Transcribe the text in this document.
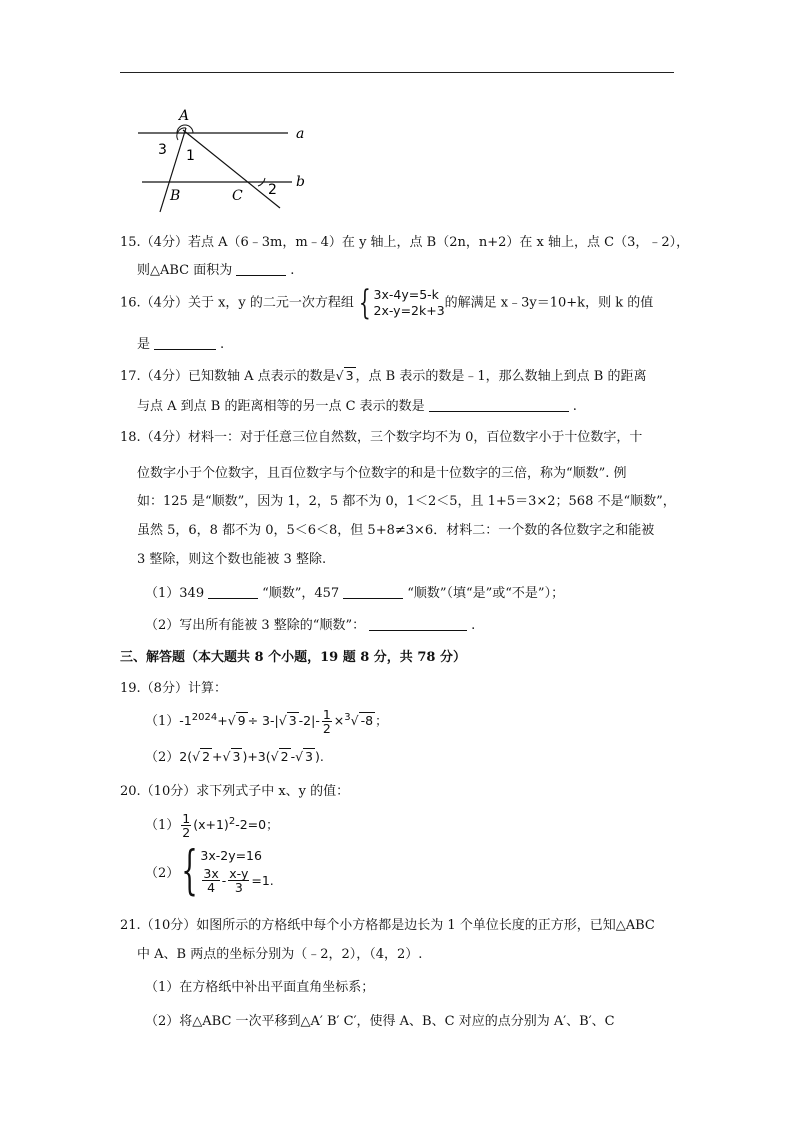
A
a
b
B	C
1
2
3
15.（4分）若点 A（6﹣3m，m﹣4）在 y 轴上，点 B（2n，n+2）在 x 轴上，点 C（3，﹣2），
则△ABC 面积为	.
16.（4分）关于 x，y 的二元一次方程组 { 3x-4y=5-k
2x-y=2k+3 的解满足 x﹣3y＝10+k，则 k 的值
是	.
17.（4分）已知数轴 A 点表示的数是√ 3 ，点 B 表示的数是﹣1，那么数轴上到点 B 的距离
与点 A 到点 B 的距离相等的另一点 C 表示的数是	.
18.（4分）材料一：对于任意三位自然数，三个数字均不为 0，百位数字小于十位数字，十
位数字小于个位数字，且百位数字与个位数字的和是十位数字的三倍，称为“顺数”. 例
如：125 是“顺数”，因为 1，2，5 都不为 0，1＜2＜5，且 1+5＝3×2；568 不是“顺数”，
虽然 5，6，8 都不为 0，5＜6＜8，但 5+8≠3×6．材料二：一个数的各位数字之和能被
3 整除，则这个数也能被 3 整除.
（1）349	“顺数”，457	“顺数”（填“是”或“不是”）；
（2）写出所有能被 3 整除的“顺数”：	.
三、解答题（本大题共 8 个小题，19 题 8 分，共 78 分）
19.（8分）计算：
$(1)-1^{2024}+√$ 9 ÷ 3-|√ 3 $-2|- \frac{1}{2} \times^3√$ -8 ；
（2）2(√ 2 +√ 3 )+3(√ 2 -√ 3 ).
20.（10分）求下列式子中 x、y 的值：
$(1) \frac{1}{2} (x+1)^2-2=0$；
（2） { 3x-2y=16
$\frac{3x}{4} - \frac{x-y}{3} =1$ .
21.（10分）如图所示的方格纸中每个小方格都是边长为 1 个单位长度的正方形，已知△ABC
中 A、B 两点的坐标分别为（﹣2，2），（4，2）.
（1）在方格纸中补出平面直角坐标系；
（2）将△ABC 一次平移到△A′ B′ C′，使得 A、B、C 对应的点分别为 A′、B′、C
